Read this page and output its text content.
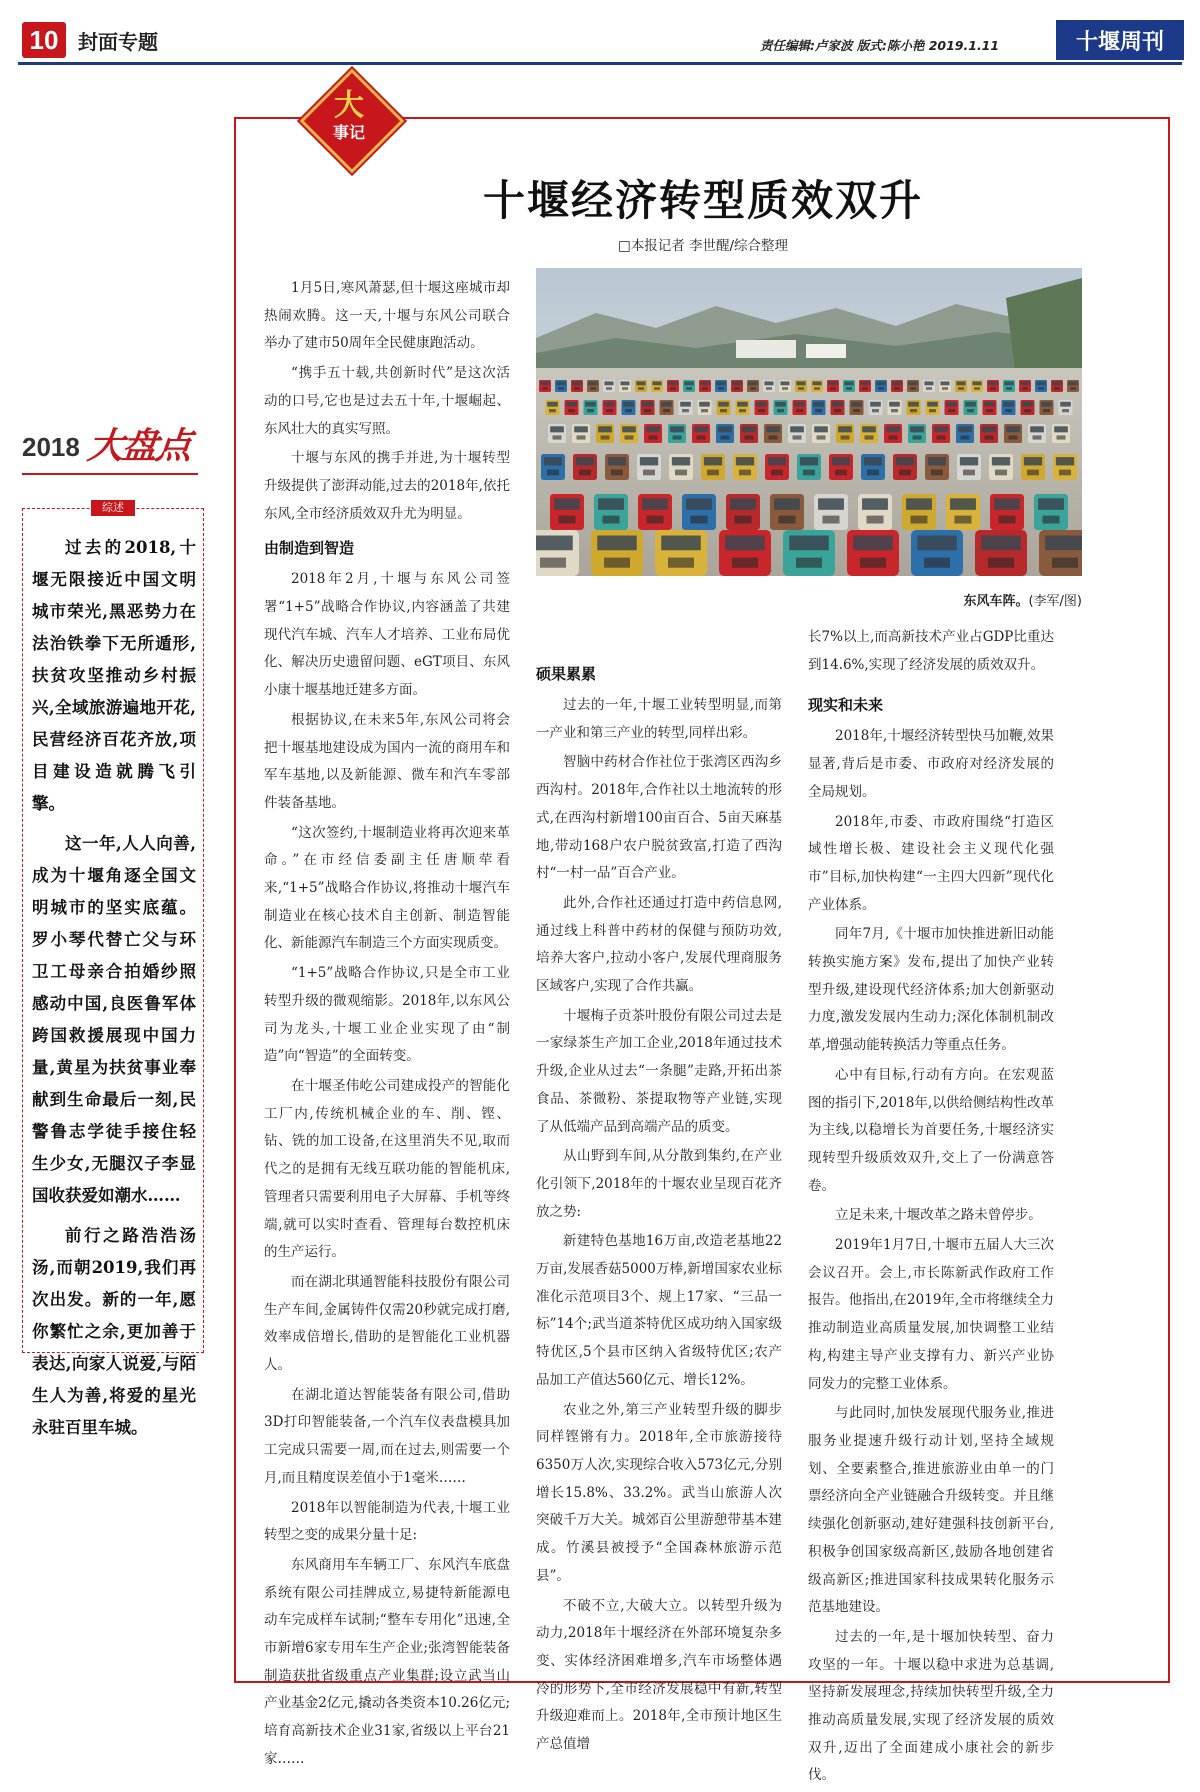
10 封面专题	责任编辑:卢家波 版式:陈小艳 2019.1.11	十堰周刊
大
事记
十堰经济转型质效双升
□本报记者 李世醒/综合整理
2018 大盘点
综述

过去的2018,十堰无限接近中国文明城市荣光,黑恶势力在法治铁拳下无所遁形,扶贫攻坚推动乡村振兴,全域旅游遍地开花,民营经济百花齐放,项目建设造就腾飞引擎。

这一年,人人向善,成为十堰角逐全国文明城市的坚实底蕴。罗小琴代替亡父与环卫工母亲合拍婚纱照感动中国,良医鲁军体跨国救援展现中国力量,黄星为扶贫事业奉献到生命最后一刻,民警鲁志学徒手接住轻生少女,无腿汉子李显国收获爱如潮水……

前行之路浩浩汤汤,而朝2019,我们再次出发。新的一年,愿你繁忙之余,更加善于表达,向家人说爱,与陌生人为善,将爱的星光永驻百里车城。

东风车阵。(李军/图)

1月5日,寒风萧瑟,但十堰这座城市却热闹欢腾。这一天,十堰与东风公司联合举办了建市50周年全民健康跑活动。

“携手五十载,共创新时代”是这次活动的口号,它也是过去五十年,十堰崛起、东风壮大的真实写照。

十堰与东风的携手并进,为十堰转型升级提供了澎湃动能,过去的2018年,依托东风,全市经济质效双升尤为明显。

由制造到智造

2018年2月,十堰与东风公司签署“1+5”战略合作协议,内容涵盖了共建现代汽车城、汽车人才培养、工业布局优化、解决历史遗留问题、eGT项目、东风小康十堰基地迁建多方面。

根据协议,在未来5年,东风公司将会把十堰基地建设成为国内一流的商用车和军车基地,以及新能源、微车和汽车零部件装备基地。

“这次签约,十堰制造业将再次迎来革命。”在市经信委副主任唐顺荦看来,“1+5”战略合作协议,将推动十堰汽车制造业在核心技术自主创新、制造智能化、新能源汽车制造三个方面实现质变。

“1+5”战略合作协议,只是全市工业转型升级的微观缩影。2018年,以东风公司为龙头,十堰工业企业实现了由“制造”向“智造”的全面转变。

在十堰圣伟屹公司建成投产的智能化工厂内,传统机械企业的车、削、铿、钻、铣的加工设备,在这里消失不见,取而代之的是拥有无线互联功能的智能机床,管理者只需要利用电子大屏幕、手机等终端,就可以实时查看、管理每台数控机床的生产运行。

而在湖北琪通智能科技股份有限公司生产车间,金属铸件仅需20秒就完成打磨,效率成倍增长,借助的是智能化工业机器人。

在湖北道达智能装备有限公司,借助3D打印智能装备,一个汽车仪表盘模具加工完成只需要一周,而在过去,则需要一个月,而且精度误差值小于1毫米……

2018年以智能制造为代表,十堰工业转型之变的成果分量十足:

东风商用车车辆工厂、东风汽车底盘系统有限公司挂牌成立,易捷特新能源电动车完成样车试制;“整车专用化”迅速,全市新增6家专用车生产企业;张湾智能装备制造获批省级重点产业集群;设立武当山产业基金2亿元,撬动各类资本10.26亿元;培育高新技术企业31家,省级以上平台21家……

硕果累累

过去的一年,十堰工业转型明显,而第一产业和第三产业的转型,同样出彩。

智脑中药材合作社位于张湾区西沟乡西沟村。2018年,合作社以土地流转的形式,在西沟村新增100亩百合、5亩天麻基地,带动168户农户脱贫致富,打造了西沟村“一村一品”百合产业。

此外,合作社还通过打造中药信息网,通过线上科普中药材的保健与预防功效,培养大客户,拉动小客户,发展代理商服务区域客户,实现了合作共赢。

十堰梅子贡茶叶股份有限公司过去是一家绿茶生产加工企业,2018年通过技术升级,企业从过去“一条腿”走路,开拓出茶食品、茶微粉、茶提取物等产业链,实现了从低端产品到高端产品的质变。

从山野到车间,从分散到集约,在产业化引领下,2018年的十堰农业呈现百花齐放之势:

新建特色基地16万亩,改造老基地22万亩,发展香菇5000万棒,新增国家农业标准化示范项目3个、规上17家、“三品一标”14个;武当道茶特优区成功纳入国家级特优区,5个县市区纳入省级特优区;农产品加工产值达560亿元、增长12%。

农业之外,第三产业转型升级的脚步同样铿锵有力。2018年,全市旅游接待6350万人次,实现综合收入573亿元,分别增长15.8%、33.2%。武当山旅游人次突破千万大关。城郊百公里游憩带基本建成。竹溪县被授予“全国森林旅游示范县”。

不破不立,大破大立。以转型升级为动力,2018年十堰经济在外部环境复杂多变、实体经济困难增多,汽车市场整体遇冷的形势下,全市经济发展稳中有新,转型升级迎难而上。2018年,全市预计地区生产总值增

长7%以上,而高新技术产业占GDP比重达到14.6%,实现了经济发展的质效双升。

现实和未来

2018年,十堰经济转型快马加鞭,效果显著,背后是市委、市政府对经济发展的全局规划。

2018年,市委、市政府围绕“打造区域性增长极、建设社会主义现代化强市”目标,加快构建“一主四大四新”现代化产业体系。

同年7月,《十堰市加快推进新旧动能转换实施方案》发布,提出了加快产业转型升级,建设现代经济体系;加大创新驱动力度,激发发展内生动力;深化体制机制改革,增强动能转换活力等重点任务。

心中有目标,行动有方向。在宏观蓝图的指引下,2018年,以供给侧结构性改革为主线,以稳增长为首要任务,十堰经济实现转型升级质效双升,交上了一份满意答卷。

立足未来,十堰改革之路未曾停步。

2019年1月7日,十堰市五届人大三次会议召开。会上,市长陈新武作政府工作报告。他指出,在2019年,全市将继续全力推动制造业高质量发展,加快调整工业结构,构建主导产业支撑有力、新兴产业协同发力的完整工业体系。

与此同时,加快发展现代服务业,推进服务业提速升级行动计划,坚持全域规划、全要素整合,推进旅游业由单一的门票经济向全产业链融合升级转变。并且继续强化创新驱动,建好建强科技创新平台,积极争创国家级高新区,鼓励各地创建省级高新区;推进国家科技成果转化服务示范基地建设。

过去的一年,是十堰加快转型、奋力攻坚的一年。十堰以稳中求进为总基调,坚持新发展理念,持续加快转型升级,全力推动高质量发展,实现了经济发展的质效双升,迈出了全面建成小康社会的新步伐。
